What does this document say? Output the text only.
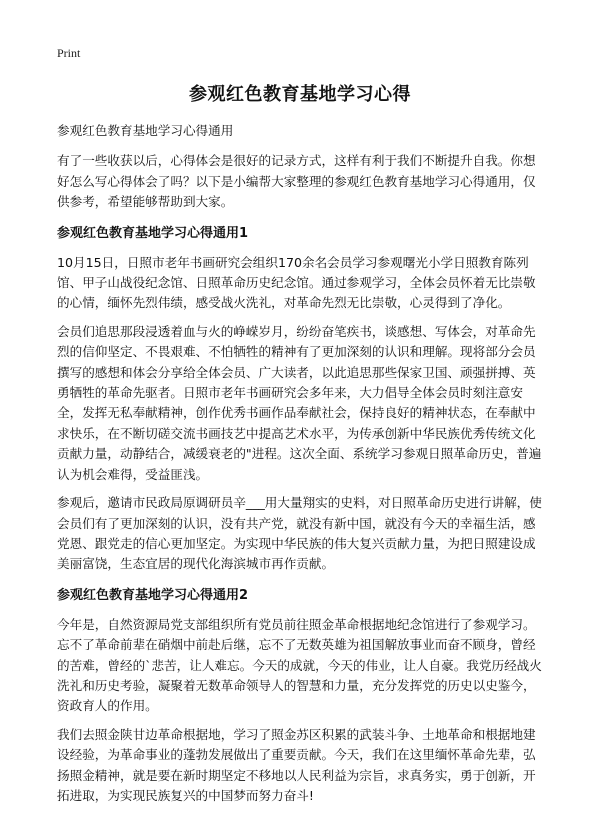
Print
参观红色教育基地学习心得

参观红色教育基地学习心得通用

有了一些收获以后，心得体会是很好的记录方式，这样有利于我们不断提升自我。你想好怎么写心得体会了吗？以下是小编帮大家整理的参观红色教育基地学习心得通用，仅供参考，希望能够帮助到大家。

参观红色教育基地学习心得通用1

10月15日，日照市老年书画研究会组织170余名会员学习参观曙光小学日照教育陈列馆、甲子山战役纪念馆、日照革命历史纪念馆。通过参观学习，全体会员怀着无比崇敬的心情，缅怀先烈伟绩，感受战火洗礼，对革命先烈无比崇敬，心灵得到了净化。

会员们追思那段浸透着血与火的峥嵘岁月，纷纷奋笔疾书，谈感想、写体会，对革命先烈的信仰坚定、不畏艰难、不怕牺牲的精神有了更加深刻的认识和理解。现将部分会员撰写的感想和体会分享给全体会员、广大读者，以此追思那些保家卫国、顽强拼搏、英勇牺牲的革命先驱者。日照市老年书画研究会多年来，大力倡导全体会员时刻注意安全，发挥无私奉献精神，创作优秀书画作品奉献社会，保持良好的精神状态，在奉献中求快乐，在不断切磋交流书画技艺中提高艺术水平，为传承创新中华民族优秀传统文化贡献力量，动静结合，减缓衰老的"进程。这次全面、系统学习参观日照革命历史，普遍认为机会难得，受益匪浅。

参观后，邀请市民政局原调研员辛___用大量翔实的史料，对日照革命历史进行讲解，使会员们有了更加深刻的认识，没有共产党，就没有新中国，就没有今天的幸福生活，感党恩、跟党走的信心更加坚定。为实现中华民族的伟大复兴贡献力量，为把日照建设成美丽富饶，生态宜居的现代化海滨城市再作贡献。

参观红色教育基地学习心得通用2

今年是，自然资源局党支部组织所有党员前往照金革命根据地纪念馆进行了参观学习。忘不了革命前辈在硝烟中前赴后继，忘不了无数英雄为祖国解放事业而奋不顾身，曾经的苦难，曾经的`悲苦，让人难忘。今天的成就，今天的伟业，让人自豪。我党历经战火洗礼和历史考验，凝聚着无数革命领导人的智慧和力量，充分发挥党的历史以史鉴今，资政育人的作用。

我们去照金陕甘边革命根据地，学习了照金苏区积累的武装斗争、土地革命和根据地建设经验，为革命事业的蓬勃发展做出了重要贡献。今天，我们在这里缅怀革命先辈，弘扬照金精神，就是要在新时期坚定不移地以人民利益为宗旨，求真务实，勇于创新，开拓进取，为实现民族复兴的中国梦而努力奋斗!
